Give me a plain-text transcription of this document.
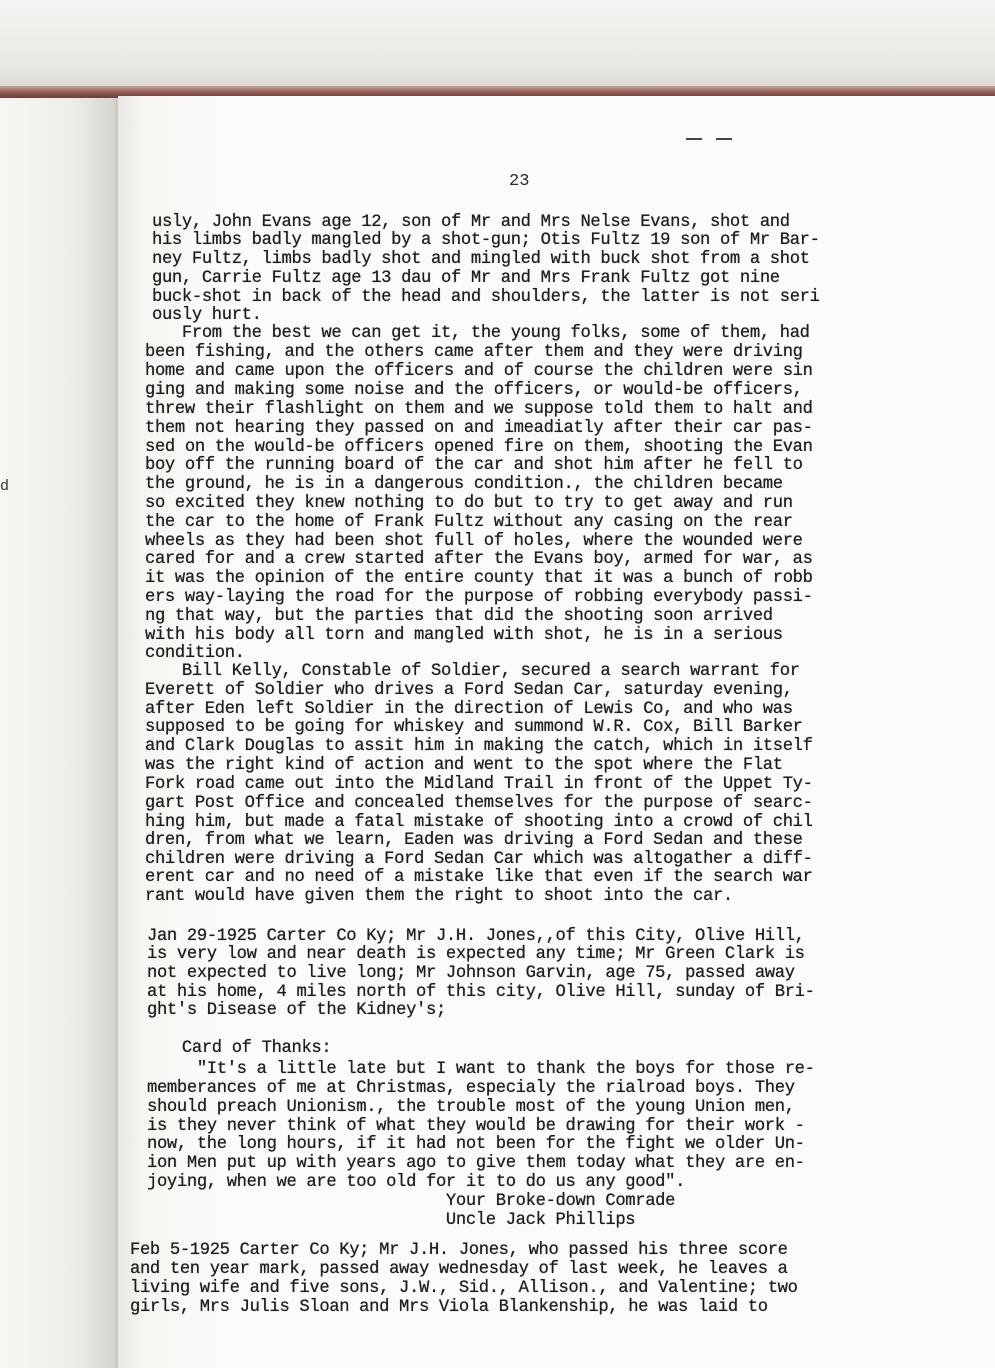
d
23
usly, John Evans age 12, son of Mr and Mrs Nelse Evans, shot and
his limbs badly mangled by a shot-gun; Otis Fultz 19 son of Mr Bar-
ney Fultz, limbs badly shot and mingled with buck shot from a shot
gun, Carrie Fultz age 13 dau of Mr and Mrs Frank Fultz got nine
buck-shot in back of the head and shoulders, the latter is not seri
ously hurt.
From the best we can get it, the young folks, some of them, had
been fishing, and the others came after them and they were driving
home and came upon the officers and of course the children were sin
ging and making some noise and the officers, or would-be officers,
threw their flashlight on them and we suppose told them to halt and
them not hearing they passed on and imeadiatly after their car pas-
sed on the would-be officers opened fire on them, shooting the Evan
boy off the running board of the car and shot him after he fell to
the ground, he is in a dangerous condition., the children became
so excited they knew nothing to do but to try to get away and run
the car to the home of Frank Fultz without any casing on the rear
wheels as they had been shot full of holes, where the wounded were
cared for and a crew started after the Evans boy, armed for war, as
it was the opinion of the entire county that it was a bunch of robb
ers way-laying the road for the purpose of robbing everybody passi-
ng that way, but the parties that did the shooting soon arrived
with his body all torn and mangled with shot, he is in a serious
condition.
Bill Kelly, Constable of Soldier, secured a search warrant for
Everett of Soldier who drives a Ford Sedan Car, saturday evening,
after Eden left Soldier in the direction of Lewis Co, and who was
supposed to be going for whiskey and summond W.R. Cox, Bill Barker
and Clark Douglas to assit him in making the catch, which in itself
was the right kind of action and went to the spot where the Flat
Fork road came out into the Midland Trail in front of the Uppet Ty-
gart Post Office and concealed themselves for the purpose of searc-
hing him, but made a fatal mistake of shooting into a crowd of chil
dren, from what we learn, Eaden was driving a Ford Sedan and these
children were driving a Ford Sedan Car which was altogather a diff-
erent car and no need of a mistake like that even if the search war
rant would have given them the right to shoot into the car.
Jan 29-1925 Carter Co Ky; Mr J.H. Jones,,of this City, Olive Hill,
is very low and near death is expected any time; Mr Green Clark is
not expected to live long; Mr Johnson Garvin, age 75, passed away
at his home, 4 miles north of this city, Olive Hill, sunday of Bri-
ght's Disease of the Kidney's;
Card of Thanks:
"It's a little late but I want to thank the boys for those re-
memberances of me at Christmas, especialy the rialroad boys. They
should preach Unionism., the trouble most of the young Union men,
is they never think of what they would be drawing for their work -
now, the long hours, if it had not been for the fight we older Un-
ion Men put up with years ago to give them today what they are en-
joying, when we are too old for it to do us any good".
Your Broke-down Comrade
Uncle Jack Phillips
Feb 5-1925 Carter Co Ky; Mr J.H. Jones, who passed his three score
and ten year mark, passed away wednesday of last week, he leaves a
living wife and five sons, J.W., Sid., Allison., and Valentine; two
girls, Mrs Julis Sloan and Mrs Viola Blankenship, he was laid to
